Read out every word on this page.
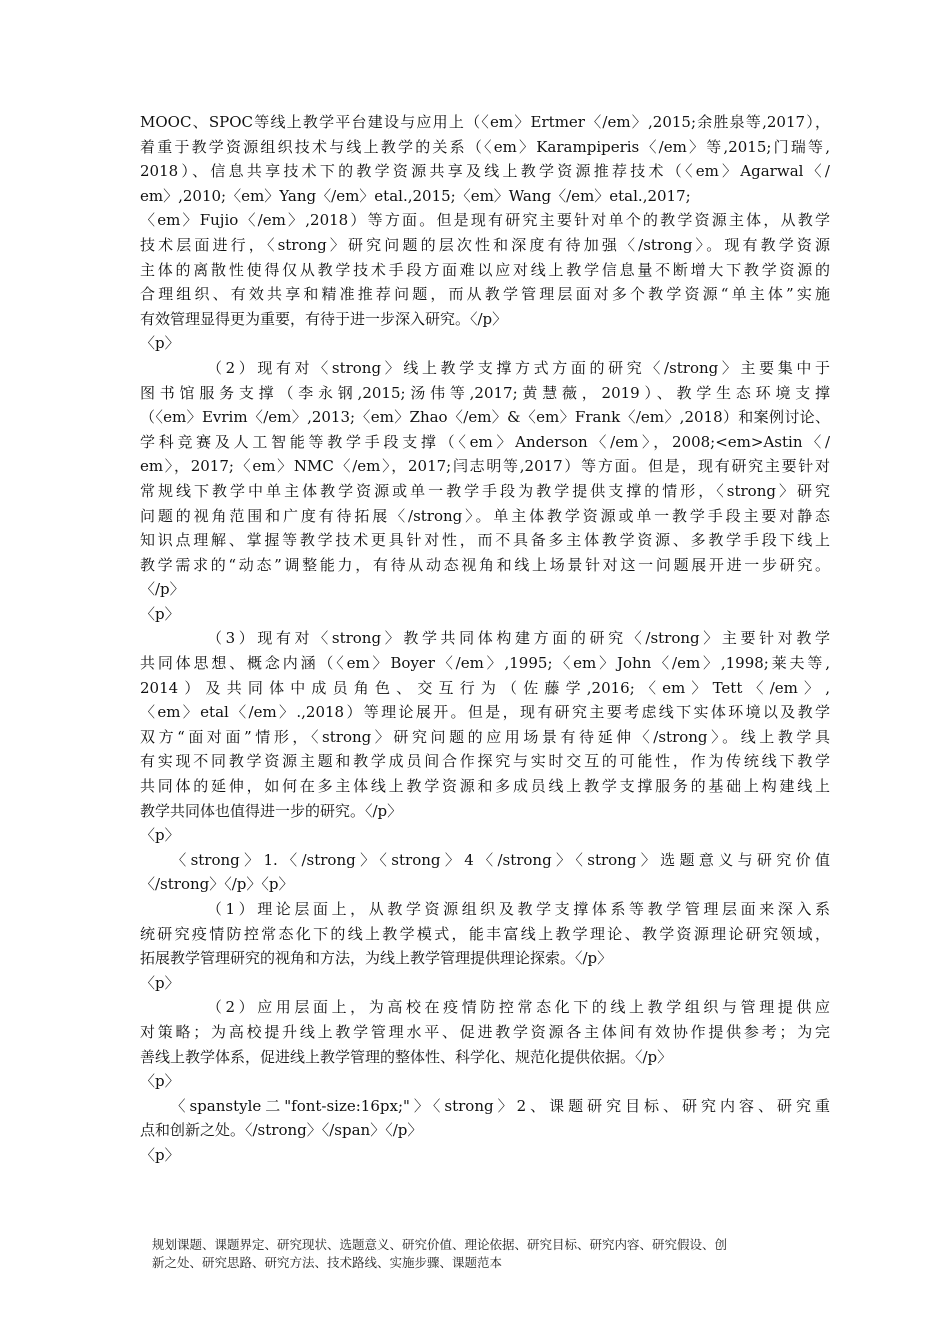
MOOC、SPOC等线上教学平台建设与应用上（〈em〉Ertmer〈/em〉,2015;余胜泉等,2017），
着重于教学资源组织技术与线上教学的关系（〈em〉Karampiperis〈/em〉等,2015;门瑞等,
2018）、信息共享技术下的教学资源共享及线上教学资源推荐技术（〈em〉Agarwal〈/
em〉,2010;〈em〉Yang〈/em〉etal.,2015;〈em〉Wang〈/em〉etal.,2017;
〈em〉Fujio〈/em〉,2018）等方面。但是现有研究主要针对单个的教学资源主体，从教学
技术层面进行，〈strong〉研究问题的层次性和深度有待加强〈/strong〉。现有教学资源
主体的离散性使得仅从教学技术手段方面难以应对线上教学信息量不断增大下教学资源的
合理组织、有效共享和精准推荐问题，而从教学管理层面对多个教学资源“单主体”实施
有效管理显得更为重要，有待于进一步深入研究。〈/p〉
〈p〉
　　　　（2）现有对〈strong〉线上教学支撑方式方面的研究〈/strong〉主要集中于
图书馆服务支撑（李永钢,2015;汤伟等,2017;黄慧薇，2019）、教学生态环境支撑
（〈em〉Evrim〈/em〉,2013;〈em〉Zhao〈/em〉&〈em〉Frank〈/em〉,2018）和案例讨论、
学科竞赛及人工智能等教学手段支撑（〈em〉Anderson〈/em〉，2008;<em>Astin〈/
em〉，2017;〈em〉NMC〈/em〉，2017;闫志明等,2017）等方面。但是，现有研究主要针对
常规线下教学中单主体教学资源或单一教学手段为教学提供支撑的情形，〈strong〉研究
问题的视角范围和广度有待拓展〈/strong〉。单主体教学资源或单一教学手段主要对静态
知识点理解、掌握等教学技术更具针对性，而不具备多主体教学资源、多教学手段下线上
教学需求的“动态”调整能力，有待从动态视角和线上场景针对这一问题展开进一步研究。
〈/p〉
〈p〉
　　　　（3）现有对〈strong〉教学共同体构建方面的研究〈/strong〉主要针对教学
共同体思想、概念内涵（〈em〉Boyer〈/em〉,1995;〈em〉John〈/em〉,1998;莱夫等,
2014）及共同体中成员角色、交互行为（佐藤学,2016;〈em〉Tett〈/em〉,
〈em〉etal〈/em〉.,2018）等理论展开。但是，现有研究主要考虑线下实体环境以及教学
双方“面对面”情形，〈strong〉研究问题的应用场景有待延伸〈/strong〉。线上教学具
有实现不同教学资源主题和教学成员间合作探究与实时交互的可能性，作为传统线下教学
共同体的延伸，如何在多主体线上教学资源和多成员线上教学支撑服务的基础上构建线上
教学共同体也值得进一步的研究。〈/p〉
〈p〉
　　〈strong〉1.〈/strong〉〈strong〉4〈/strong〉〈strong〉选题意义与研究价值
〈/strong〉〈/p〉〈p〉
　　　　（1）理论层面上，从教学资源组织及教学支撑体系等教学管理层面来深入系
统研究疫情防控常态化下的线上教学模式，能丰富线上教学理论、教学资源理论研究领域，
拓展教学管理研究的视角和方法，为线上教学管理提供理论探索。〈/p〉
〈p〉
　　　　（2）应用层面上，为高校在疫情防控常态化下的线上教学组织与管理提供应
对策略；为高校提升线上教学管理水平、促进教学资源各主体间有效协作提供参考；为完
善线上教学体系，促进线上教学管理的整体性、科学化、规范化提供依据。〈/p〉
〈p〉
　　〈spanstyle二"font-size:16px;"〉〈strong〉2、课题研究目标、研究内容、研究重
点和创新之处。〈/strong〉〈/span〉〈/p〉
〈p〉
规划课题、课题界定、研究现状、选题意义、研究价值、理论依据、研究目标、研究内容、研究假设、创
新之处、研究思路、研究方法、技术路线、实施步骤、课题范本
